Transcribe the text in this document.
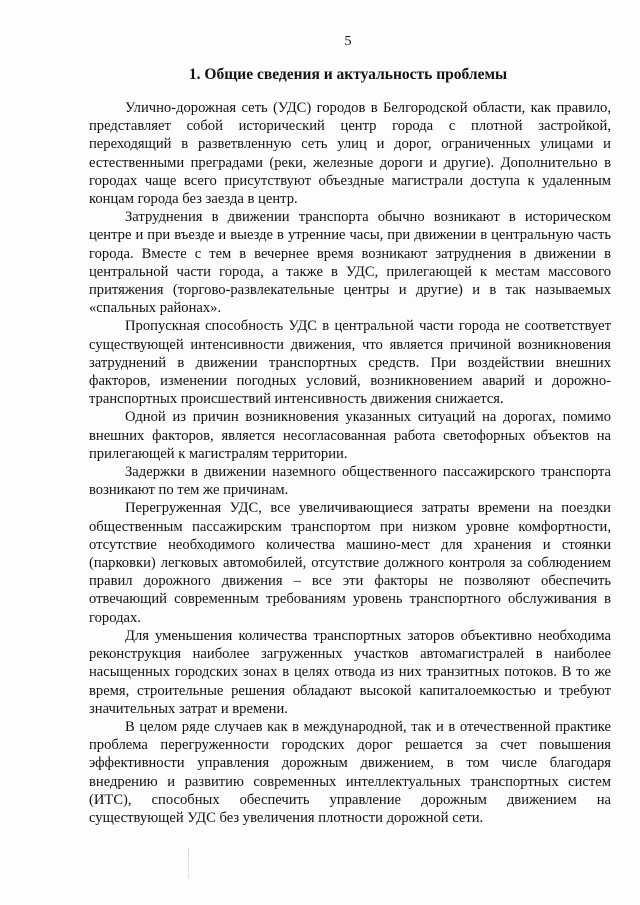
5
1. Общие сведения и актуальность проблемы

Улично-дорожная сеть (УДС) городов в Белгородской области, как правило, представляет собой исторический центр города с плотной застройкой, переходящий в разветвленную сеть улиц и дорог, ограниченных улицами и естественными преградами (реки, железные дороги и другие). Дополнительно в городах чаще всего присутствуют объездные магистрали доступа к удаленным концам города без заезда в центр.

Затруднения в движении транспорта обычно возникают в историческом центре и при въезде и выезде в утренние часы, при движении в центральную часть города. Вместе с тем в вечернее время возникают затруднения в движении в центральной части города, а также в УДС, прилегающей к местам массового притяжения (торгово-развлекательные центры и другие) и в так называемых «спальных районах».

Пропускная способность УДС в центральной части города не соответствует существующей интенсивности движения, что является причиной возникновения затруднений в движении транспортных средств. При воздействии внешних факторов, изменении погодных условий, возникновением аварий и дорожно-транспортных происшествий интенсивность движения снижается.

Одной из причин возникновения указанных ситуаций на дорогах, помимо внешних факторов, является несогласованная работа светофорных объектов на прилегающей к магистралям территории.

Задержки в движении наземного общественного пассажирского транспорта возникают по тем же причинам.

Перегруженная УДС, все увеличивающиеся затраты времени на поездки общественным пассажирским транспортом при низком уровне комфортности, отсутствие необходимого количества машино-мест для хранения и стоянки (парковки) легковых автомобилей, отсутствие должного контроля за соблюдением правил дорожного движения – все эти факторы не позволяют обеспечить отвечающий современным требованиям уровень транспортного обслуживания в городах.

Для уменьшения количества транспортных заторов объективно необходима реконструкция наиболее загруженных участков автомагистралей в наиболее насыщенных городских зонах в целях отвода из них транзитных потоков. В то же время, строительные решения обладают высокой капиталоемкостью и требуют значительных затрат и времени.

В целом ряде случаев как в международной, так и в отечественной практике проблема перегруженности городских дорог решается за счет повышения эффективности управления дорожным движением, в том числе благодаря внедрению и развитию современных интеллектуальных транспортных систем (ИТС), способных обеспечить управление дорожным движением на существующей УДС без увеличения плотности дорожной сети.
